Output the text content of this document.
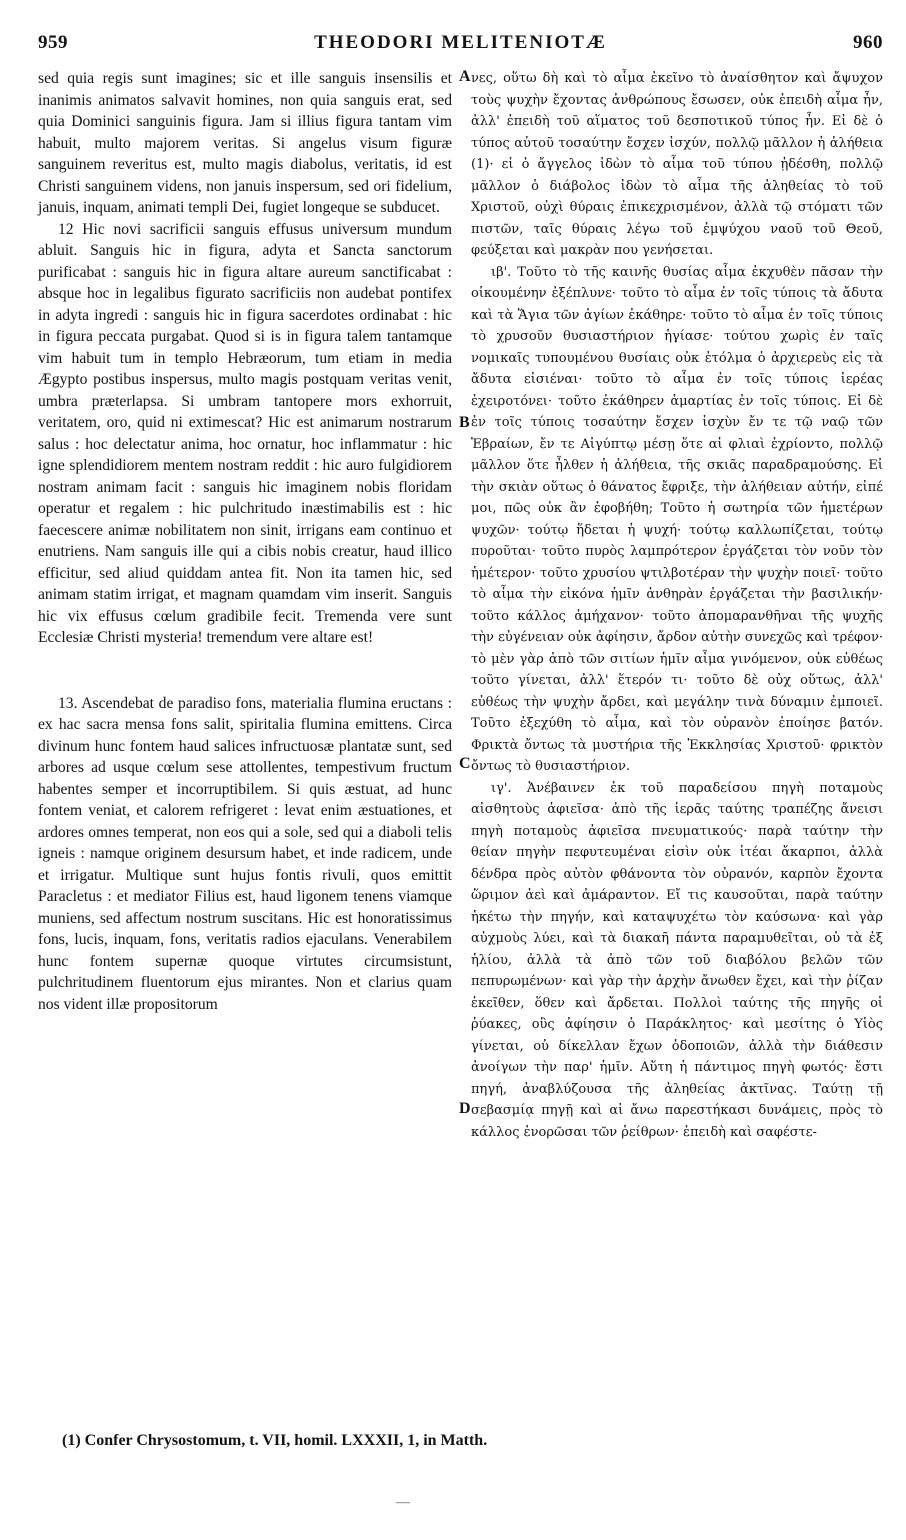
959	THEODORI MELITENIOTÆ	960

sed quia regis sunt imagines; sic et ille sanguis insensilis et inanimis animatos salvavit homines, non quia sanguis erat, sed quia Dominici sanguinis figura. Jam si illius figura tantam vim habuit, multo majorem veritas. Si angelus visum figuræ sanguinem reveritus est, multo magis diabolus, veritatis, id est Christi sanguinem videns, non januis inspersum, sed ori fidelium, januis, inquam, animati templi Dei, fugiet longeque se subducet.

12 Hic novi sacrificii sanguis effusus universum mundum abluit. Sanguis hic in figura, adyta et Sancta sanctorum purificabat : sanguis hic in figura altare aureum sanctificabat : absque hoc in legalibus figurato sacrificiis non audebat pontifex in adyta ingredi : sanguis hic in figura sacerdotes ordinabat : hic in figura peccata purgabat. Quod si is in figura talem tantamque vim habuit tum in templo Hebræorum, tum etiam in media Ægypto postibus inspersus, multo magis postquam veritas venit, umbra præterlapsa. Si umbram tantopere mors exhorruit, veritatem, oro, quid ni extimescat? Hic est animarum nostrarum salus : hoc delectatur anima, hoc ornatur, hoc inflammatur : hic igne splendidiorem mentem nostram reddit : hic auro fulgidiorem nostram animam facit : sanguis hic imaginem nobis floridam operatur et regalem : hic pulchritudo inæstimabilis est : hic faecescere animæ nobilitatem non sinit, irrigans eam continuo et enutriens. Nam sanguis ille qui a cibis nobis creatur, haud illico efficitur, sed aliud quiddam antea fit. Non ita tamen hic, sed animam statim irrigat, et magnam quamdam vim inserit. Sanguis hic vix effusus cœlum gradibile fecit. Tremenda vere sunt Ecclesiæ Christi mysteria! tremendum vere altare est!

13. Ascendebat de paradiso fons, materialia flumina eructans : ex hac sacra mensa fons salit, spiritalia flumina emittens. Circa divinum hunc fontem haud salices infructuosæ plantatæ sunt, sed arbores ad usque cœlum sese attollentes, tempestivum fructum habentes semper et incorruptibilem. Si quis æstuat, ad hunc fontem veniat, et calorem refrigeret : levat enim æstuationes, et ardores omnes temperat, non eos qui a sole, sed qui a diaboli telis igneis : namque originem desursum habet, et inde radicem, unde et irrigatur. Multique sunt hujus fontis rivuli, quos emittit Paracletus : et mediator Filius est, haud ligonem tenens viamque muniens, sed affectum nostrum suscitans. Hic est honoratissimus fons, lucis, inquam, fons, veritatis radios ejaculans. Venerabilem hunc fontem supernæ quoque virtutes circumsistunt, pulchritudinem fluentorum ejus mirantes. Non et clarius quam nos vident illæ propositorum

A
B
C
D

νες, οὕτω δὴ καὶ τὸ αἷμα ἐκεῖνο τὸ ἀναίσθητον καὶ ἄψυχον τοὺς ψυχὴν ἔχοντας ἀνθρώπους ἔσωσεν, οὐκ ἐπειδὴ αἷμα ἦν, ἀλλ' ἐπειδὴ τοῦ αἵματος τοῦ δεσποτικοῦ τύπος ἦν. Εἰ δὲ ὁ τύπος αὐτοῦ τοσαύτην ἔσχεν ἰσχύν, πολλῷ μᾶλλον ἡ ἀλήθεια (1)· εἰ ὁ ἄγγελος ἰδὼν τὸ αἷμα τοῦ τύπου ᾐδέσθη, πολλῷ μᾶλλον ὁ διάβολος ἰδὼν τὸ αἷμα τῆς ἀληθείας τὸ τοῦ Χριστοῦ, οὐχὶ θύραις ἐπικεχρισμένον, ἀλλὰ τῷ στόματι τῶν πιστῶν, ταῖς θύραις λέγω τοῦ ἐμψύχου ναοῦ τοῦ Θεοῦ, φεύξεται καὶ μακρὰν που γενήσεται.

ιβ'. Τοῦτο τὸ τῆς καινῆς θυσίας αἷμα ἐκχυθὲν πᾶσαν τὴν οἰκουμένην ἐξέπλυνε· τοῦτο τὸ αἷμα ἐν τοῖς τύποις τὰ ἄδυτα καὶ τὰ Ἅγια τῶν ἁγίων ἐκάθηρε· τοῦτο τὸ αἷμα ἐν τοῖς τύποις τὸ χρυσοῦν θυσιαστήριον ἡγίασε· τούτου χωρὶς ἐν ταῖς νομικαῖς τυπουμένου θυσίαις οὐκ ἐτόλμα ὁ ἀρχιερεὺς εἰς τὰ ἄδυτα εἰσιέναι· τοῦτο τὸ αἷμα ἐν τοῖς τύποις ἱερέας ἐχειροτόνει· τοῦτο ἐκάθηρεν ἁμαρτίας ἐν τοῖς τύποις. Εἰ δὲ ἐν τοῖς τύποις τοσαύτην ἔσχεν ἰσχὺν ἔν τε τῷ ναῷ τῶν Ἑβραίων, ἔν τε Αἰγύπτῳ μέσῃ ὅτε αἱ φλιαὶ ἐχρίοντο, πολλῷ μᾶλλον ὅτε ἦλθεν ἡ ἀλήθεια, τῆς σκιᾶς παραδραμούσης. Εἰ τὴν σκιὰν οὕτως ὁ θάνατος ἔφριξε, τὴν ἀλήθειαν αὐτήν, εἰπέ μοι, πῶς οὐκ ἂν ἐφοβήθη; Τοῦτο ἡ σωτηρία τῶν ἡμετέρων ψυχῶν· τούτῳ ἥδεται ἡ ψυχή· τούτῳ καλλωπίζεται, τούτῳ πυροῦται· τοῦτο πυρὸς λαμπρότερον ἐργάζεται τὸν νοῦν τὸν ἡμέτερον· τοῦτο χρυσίου ψτιλβοτέραν τὴν ψυχὴν ποιεῖ· τοῦτο τὸ αἷμα τὴν εἰκόνα ἡμῖν ἀνθηρὰν ἐργάζεται τὴν βασιλικήν· τοῦτο κάλλος ἀμήχανον· τοῦτο ἀπομαρανθῆναι τῆς ψυχῆς τὴν εὐγένειαν οὐκ ἀφίησιν, ἄρδον αὐτὴν συνεχῶς καὶ τρέφον· τὸ μὲν γὰρ ἀπὸ τῶν σιτίων ἡμῖν αἷμα γινόμενον, οὐκ εὐθέως τοῦτο γίνεται, ἀλλ' ἕτερόν τι· τοῦτο δὲ οὐχ οὕτως, ἀλλ' εὐθέως τὴν ψυχὴν ἄρδει, καὶ μεγάλην τινὰ δύναμιν ἐμποιεῖ. Τοῦτο ἐξεχύθη τὸ αἷμα, καὶ τὸν οὐρανὸν ἐποίησε βατόν. Φρικτὰ ὄντως τὰ μυστήρια τῆς Ἐκκλησίας Χριστοῦ· φρικτὸν ὄντως τὸ θυσιαστήριον.

ιγ'. Ἀνέβαινεν ἐκ τοῦ παραδείσου πηγὴ ποταμοὺς αἰσθητοὺς ἀφιεῖσα· ἀπὸ τῆς ἱερᾶς ταύτης τραπέζης ἄνεισι πηγὴ ποταμοὺς ἀφιεῖσα πνευματικούς· παρὰ ταύτην τὴν θείαν πηγὴν πεφυτευμέναι εἰσὶν οὐκ ἰτέαι ἄκαρποι, ἀλλὰ δένδρα πρὸς αὐτὸν φθάνοντα τὸν οὐρανόν, καρπὸν ἔχοντα ὥριμον ἀεὶ καὶ ἀμάραντον. Εἴ τις καυσοῦται, παρὰ ταύτην ἡκέτω τὴν πηγήν, καὶ καταψυχέτω τὸν καύσωνα· καὶ γὰρ αὐχμοὺς λύει, καὶ τὰ διακαῆ πάντα παραμυθεῖται, οὐ τὰ ἐξ ἡλίου, ἀλλὰ τὰ ἀπὸ τῶν τοῦ διαβόλου βελῶν τῶν πεπυρωμένων· καὶ γὰρ τὴν ἀρχὴν ἄνωθεν ἔχει, καὶ τὴν ῥίζαν ἐκεῖθεν, ὅθεν καὶ ἄρδεται. Πολλοὶ ταύτης τῆς πηγῆς οἱ ῥύακες, οὓς ἀφίησιν ὁ Παράκλητος· καὶ μεσίτης ὁ Υἱὸς γίνεται, οὐ δίκελλαν ἔχων ὁδοποιῶν, ἀλλὰ τὴν διάθεσιν ἀνοίγων τὴν παρ' ἡμῖν. Αὕτη ἡ πάντιμος πηγὴ φωτός· ἔστι πηγή, ἀναβλύζουσα τῆς ἀληθείας ἀκτῖνας. Ταύτῃ τῇ σεβασμίᾳ πηγῇ καὶ αἱ ἄνω παρεστήκασι δυνάμεις, πρὸς τὸ κάλλος ἐνορῶσαι τῶν ῥείθρων· ἐπειδὴ καὶ σαφέστε-

(1) Confer Chrysostomum, t. VII, homil. LXXXII, 1, in Matth.
—
